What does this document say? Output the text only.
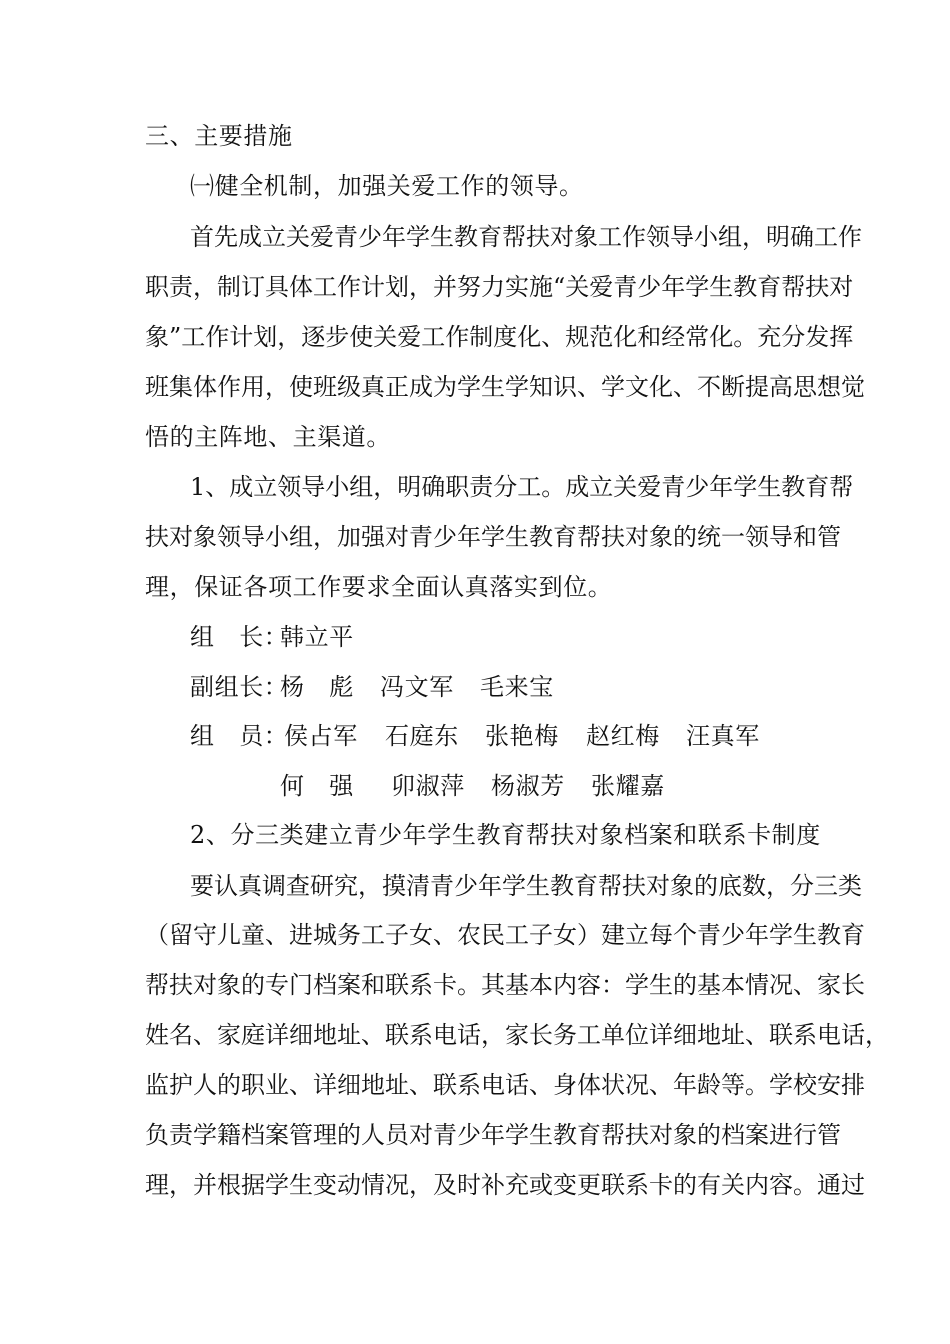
三、主要措施
㈠健全机制，加强关爱工作的领导。
首先成立关爱青少年学生教育帮扶对象工作领导小组，明确工作
职责，制订具体工作计划，并努力实施“关爱青少年学生教育帮扶对
象”工作计划，逐步使关爱工作制度化、规范化和经常化。充分发挥
班集体作用，使班级真正成为学生学知识、学文化、不断提高思想觉
悟的主阵地、主渠道。
1、成立领导小组，明确职责分工。成立关爱青少年学生教育帮
扶对象领导小组，加强对青少年学生教育帮扶对象的统一领导和管
理，保证各项工作要求全面认真落实到位。
组　长：
韩立平
副组长：
杨　彪 冯文军 毛来宝
组　员：
侯占军 石庭东 张艳梅 赵红梅 汪真军
何　强 卯淑萍 杨淑芳 张耀嘉
2、分三类建立青少年学生教育帮扶对象档案和联系卡制度
要认真调查研究，摸清青少年学生教育帮扶对象的底数，分三类
（留守儿童、进城务工子女、农民工子女）建立每个青少年学生教育
帮扶对象的专门档案和联系卡。其基本内容：学生的基本情况、家长
姓名、家庭详细地址、联系电话，家长务工单位详细地址、联系电话，
监护人的职业、详细地址、联系电话、身体状况、年龄等。学校安排
负责学籍档案管理的人员对青少年学生教育帮扶对象的档案进行管
理，并根据学生变动情况，及时补充或变更联系卡的有关内容。通过
